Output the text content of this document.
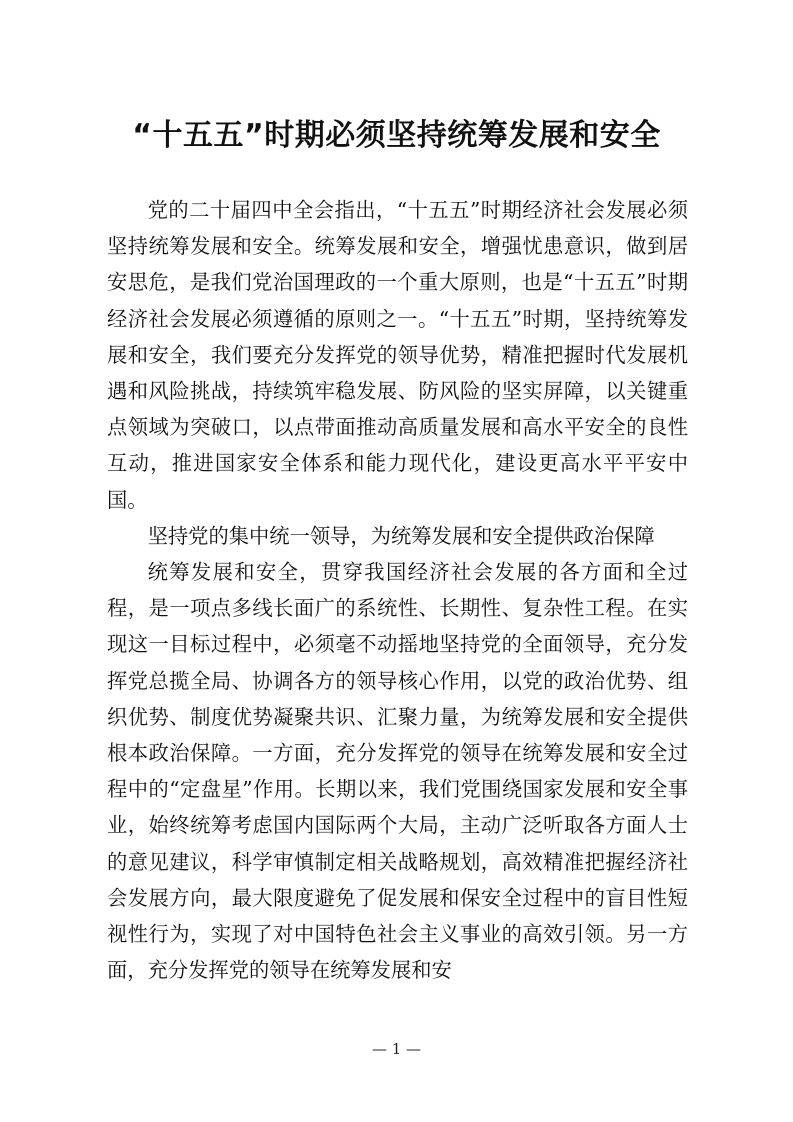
“十五五”时期必须坚持统筹发展和安全

党的二十届四中全会指出，“十五五”时期经济社会发展必须坚持统筹发展和安全。统筹发展和安全，增强忧患意识，做到居安思危，是我们党治国理政的一个重大原则，也是“十五五”时期经济社会发展必须遵循的原则之一。“十五五”时期，坚持统筹发展和安全，我们要充分发挥党的领导优势，精准把握时代发展机遇和风险挑战，持续筑牢稳发展、防风险的坚实屏障，以关键重点领域为突破口，以点带面推动高质量发展和高水平安全的良性互动，推进国家安全体系和能力现代化，建设更高水平平安中国。

坚持党的集中统一领导，为统筹发展和安全提供政治保障

统筹发展和安全，贯穿我国经济社会发展的各方面和全过程，是一项点多线长面广的系统性、长期性、复杂性工程。在实现这一目标过程中，必须毫不动摇地坚持党的全面领导，充分发挥党总揽全局、协调各方的领导核心作用，以党的政治优势、组织优势、制度优势凝聚共识、汇聚力量，为统筹发展和安全提供根本政治保障。一方面，充分发挥党的领导在统筹发展和安全过程中的“定盘星”作用。长期以来，我们党围绕国家发展和安全事业，始终统筹考虑国内国际两个大局，主动广泛听取各方面人士的意见建议，科学审慎制定相关战略规划，高效精准把握经济社会发展方向，最大限度避免了促发展和保安全过程中的盲目性短视性行为，实现了对中国特色社会主义事业的高效引领。另一方面，充分发挥党的领导在统筹发展和安

— 1 —
